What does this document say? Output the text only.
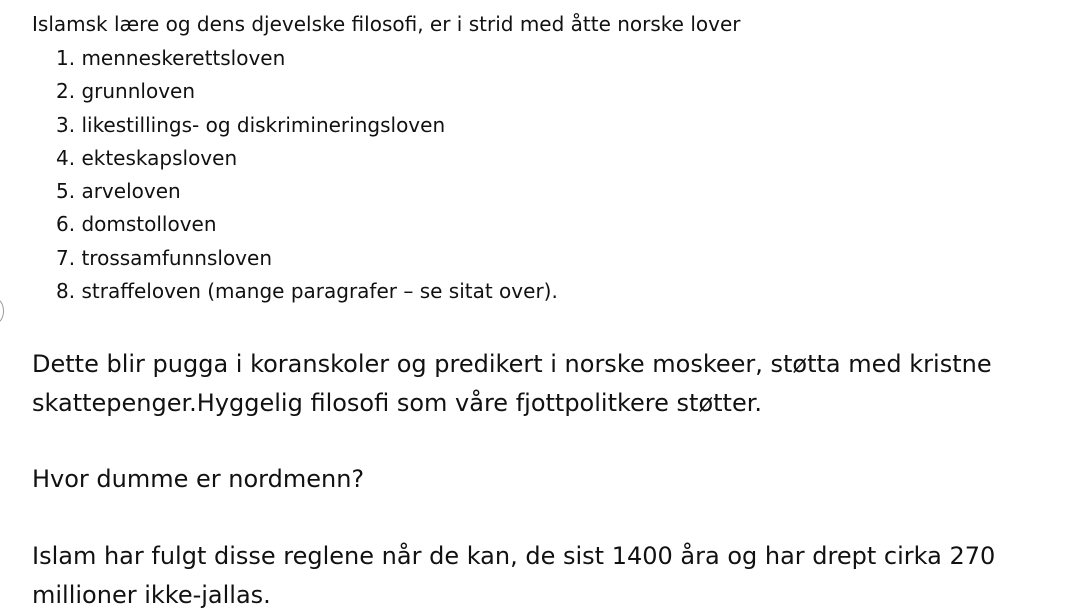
Islamsk lære og dens djevelske filosofi, er i strid med åtte norske lover

1. menneskerettsloven
2. grunnloven
3. likestillings- og diskrimineringsloven
4. ekteskapsloven
5. arveloven
6. domstolloven
7. trossamfunnsloven
8. straffeloven (mange paragrafer – se sitat over).

Dette blir pugga i koranskoler og predikert i norske moskeer, støtta med kristne skattepenger.Hyggelig filosofi som våre fjottpolitkere støtter.

Hvor dumme er nordmenn?

Islam har fulgt disse reglene når de kan, de sist 1400 åra og har drept cirka 270 millioner ikke-jallas.
